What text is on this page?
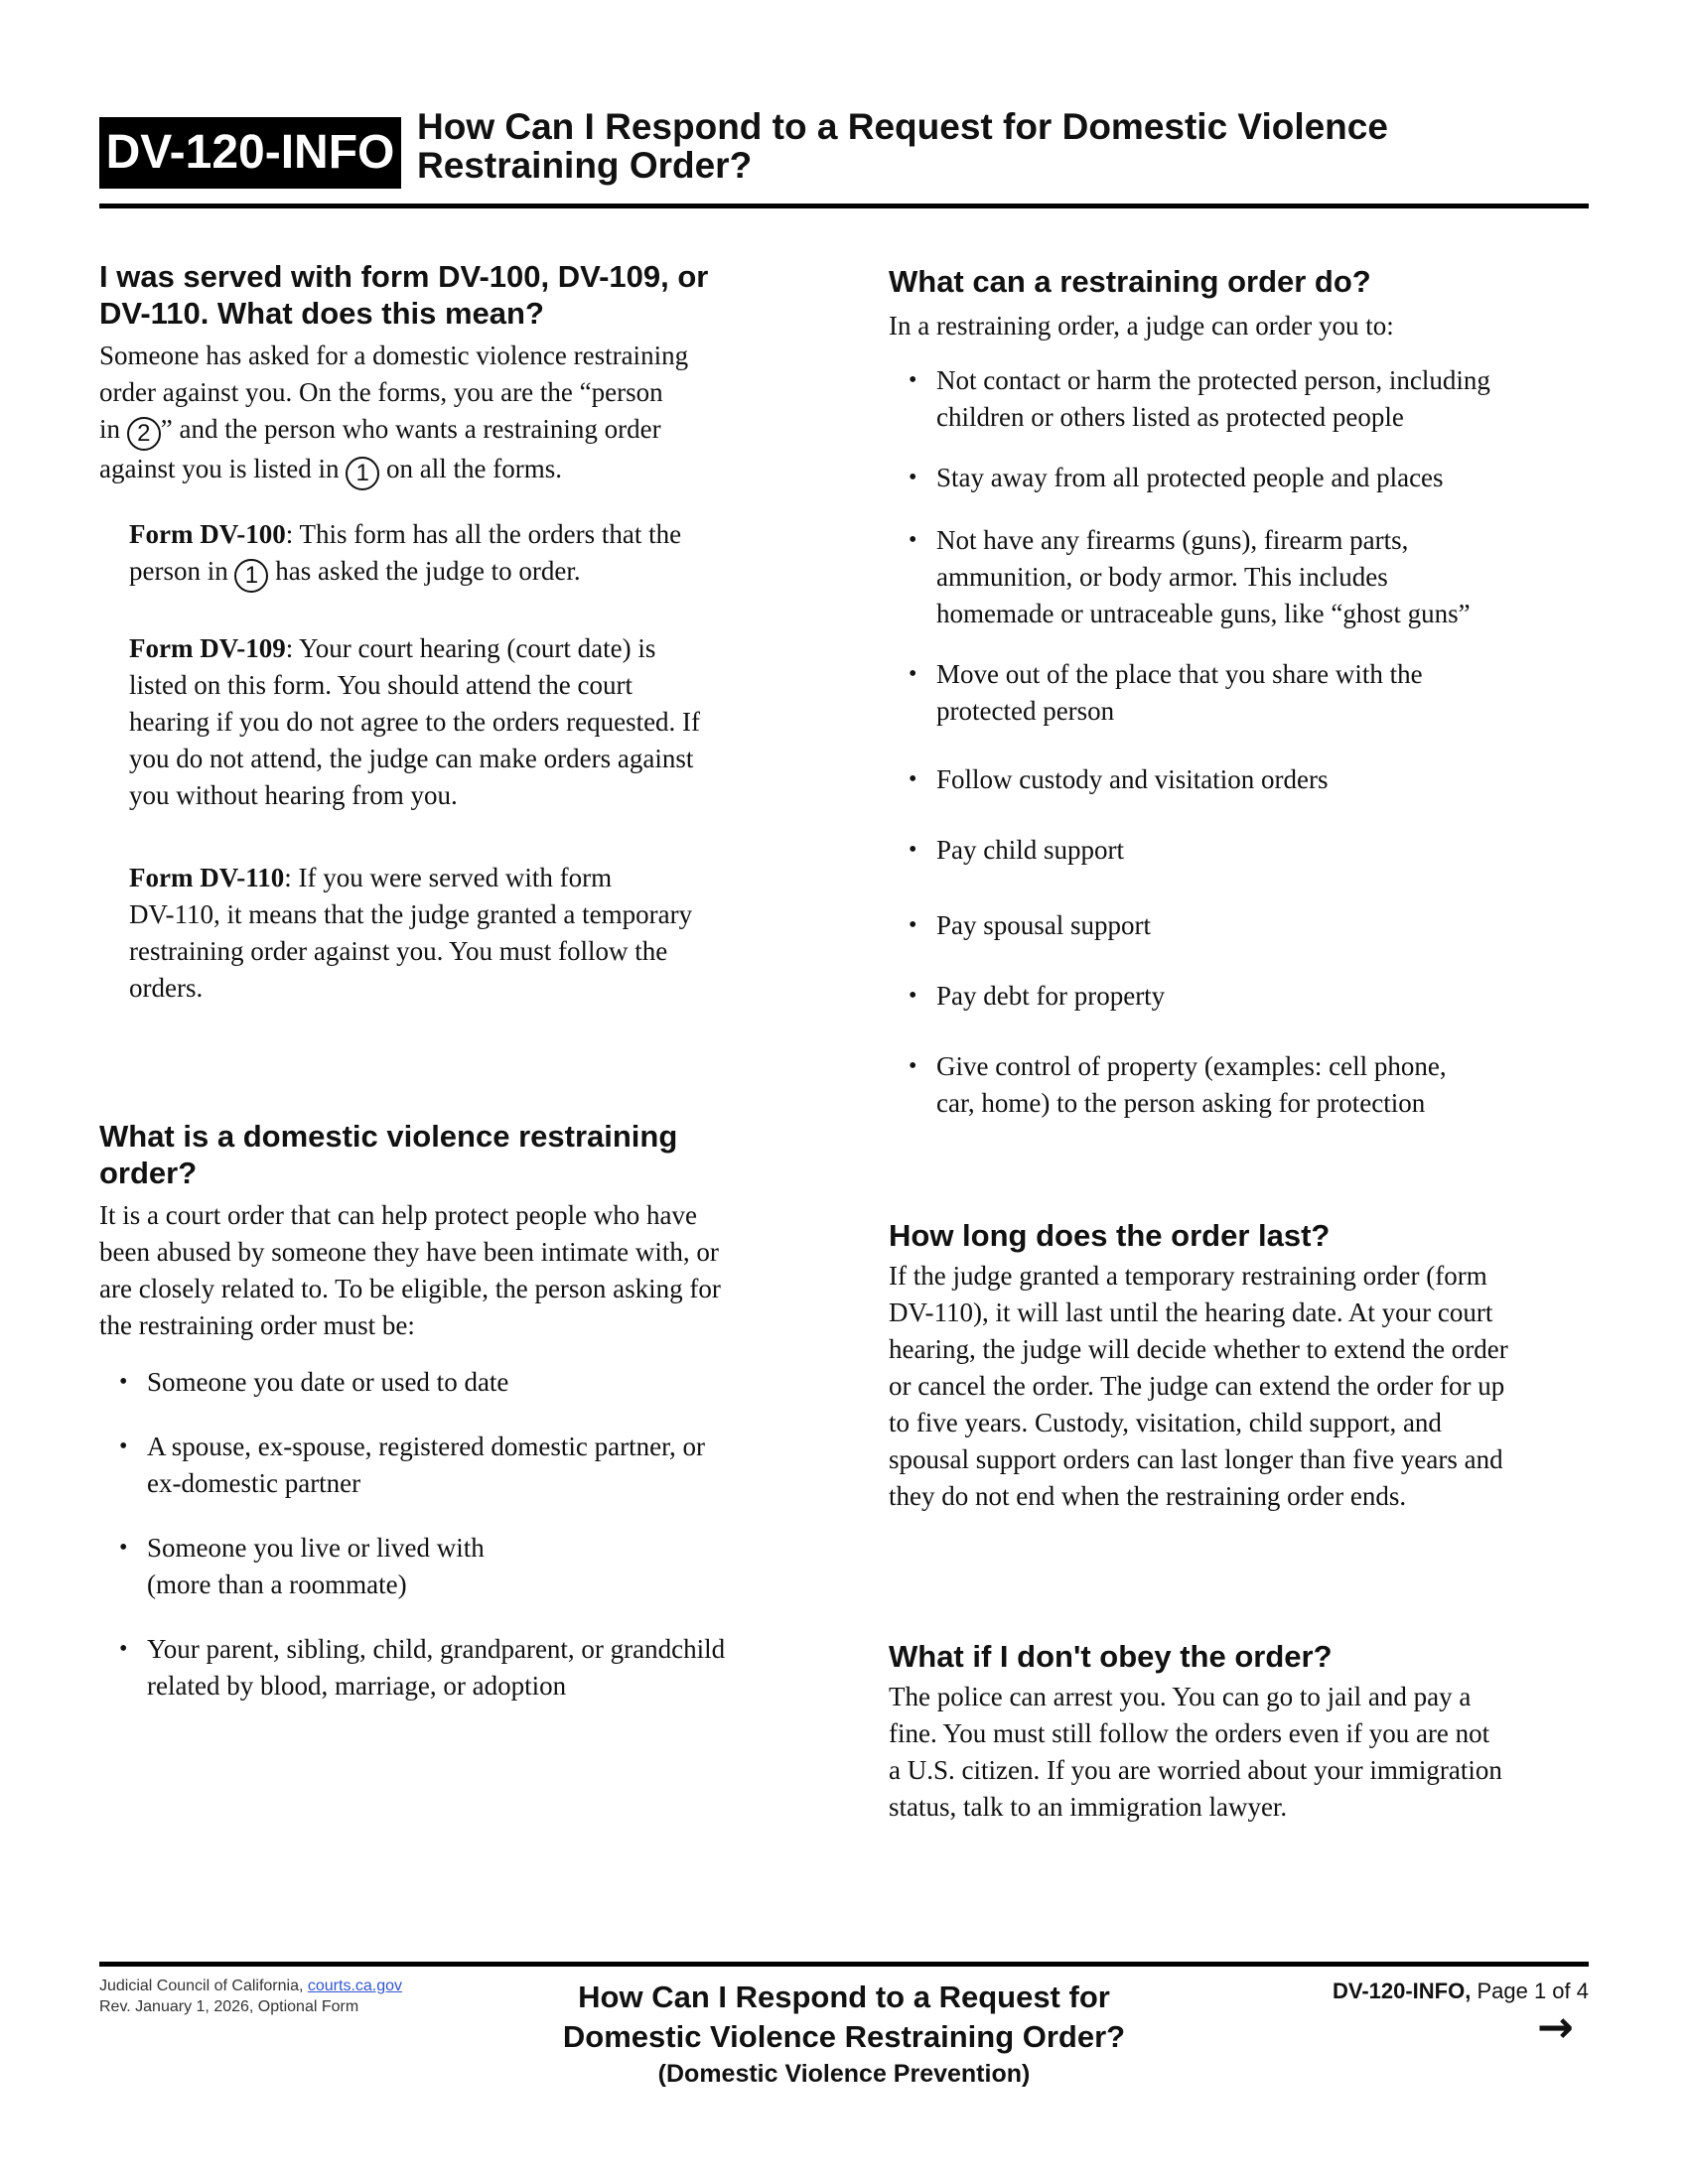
DV-120-INFO How Can I Respond to a Request for Domestic Violence
Restraining Order?
I was served with form DV-100, DV-109, or
DV-110. What does this mean?

Someone has asked for a domestic violence restraining
order against you. On the forms, you are the “person
in 2 ” and the person who wants a restraining order
against you is listed in 1 on all the forms.

Form DV-100: This form has all the orders that the
person in 1 has asked the judge to order.

Form DV-109: Your court hearing (court date) is
listed on this form. You should attend the court
hearing if you do not agree to the orders requested. If
you do not attend, the judge can make orders against
you without hearing from you.

Form DV-110: If you were served with form
DV-110, it means that the judge granted a temporary
restraining order against you. You must follow the
orders.

What is a domestic violence restraining
order?

It is a court order that can help protect people who have
been abused by someone they have been intimate with, or
are closely related to. To be eligible, the person asking for
the restraining order must be:

• Someone you date or used to date
• A spouse, ex-spouse, registered domestic partner, or
ex-domestic partner
• Someone you live or lived with
(more than a roommate)
• Your parent, sibling, child, grandparent, or grandchild
related by blood, marriage, or adoption
What can a restraining order do?

In a restraining order, a judge can order you to:

• Not contact or harm the protected person, including
children or others listed as protected people
• Stay away from all protected people and places
• Not have any firearms (guns), firearm parts,
ammunition, or body armor. This includes
homemade or untraceable guns, like “ghost guns”
• Move out of the place that you share with the
protected person
• Follow custody and visitation orders
• Pay child support
• Pay spousal support
• Pay debt for property
• Give control of property (examples: cell phone,
car, home) to the person asking for protection
How long does the order last?

If the judge granted a temporary restraining order (form
DV-110), it will last until the hearing date. At your court
hearing, the judge will decide whether to extend the order
or cancel the order. The judge can extend the order for up
to five years. Custody, visitation, child support, and
spousal support orders can last longer than five years and
they do not end when the restraining order ends.

What if I don't obey the order?

The police can arrest you. You can go to jail and pay a
fine. You must still follow the orders even if you are not
a U.S. citizen. If you are worried about your immigration
status, talk to an immigration lawyer.

Judicial Council of California, courts.ca.gov
Rev. January 1, 2026, Optional Form	How Can I Respond to a Request for
Domestic Violence Restraining Order?
(Domestic Violence Prevention)
DV-120-INFO, Page 1 of 4
→
